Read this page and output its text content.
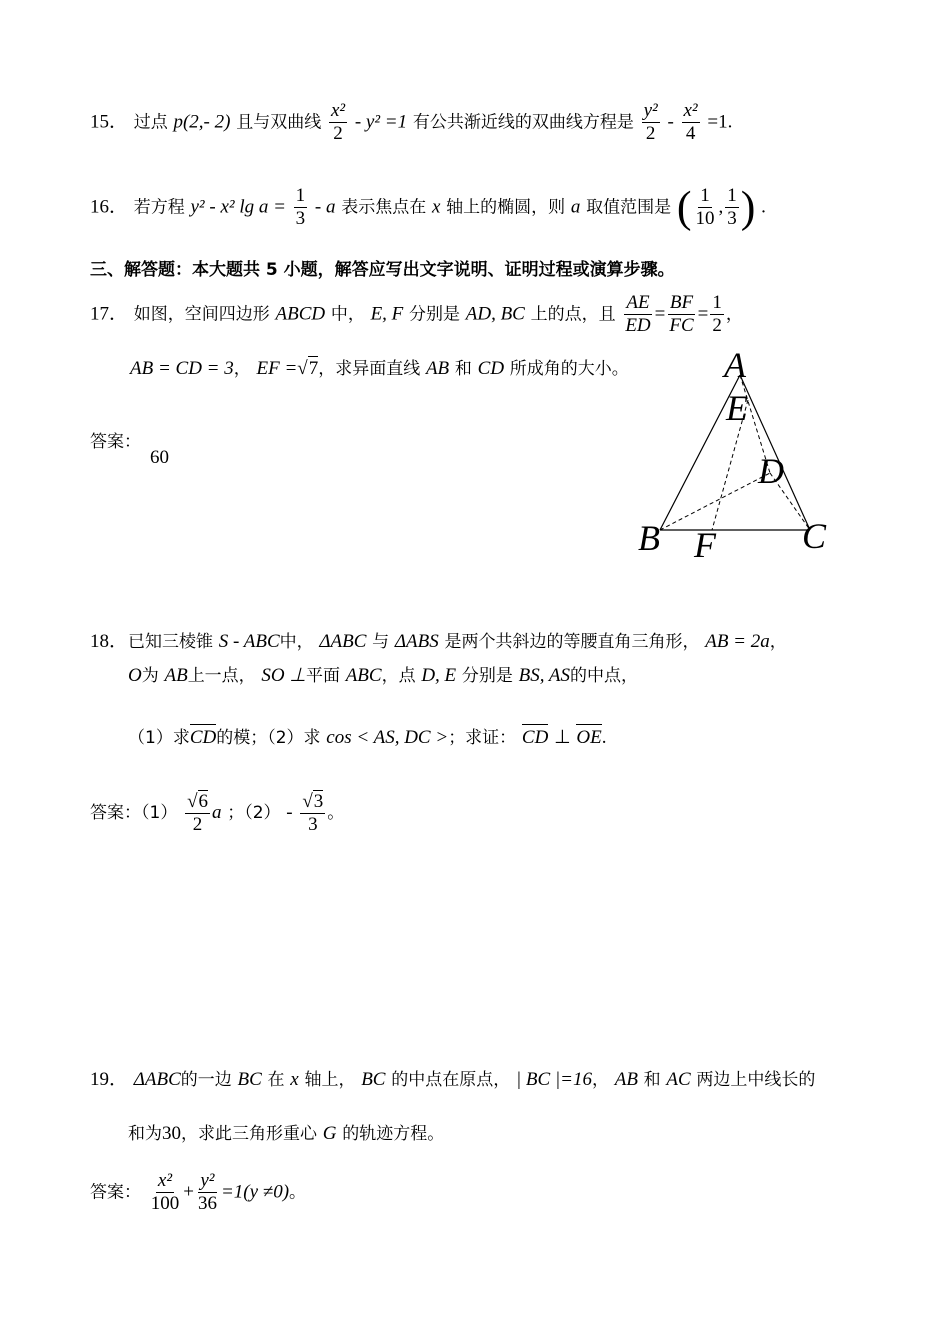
15． 过点 p(2,- 2) 且与双曲线 $\frac{\text{x²}}{2} - y^2 =1$ 有公共渐近线的双曲线方程是 $\frac{\text{y²}}{2} - \frac{\text{x²}}{4} =1$.
16． 若方程 y² - x² $\lg a = \frac{1}{3} - a$ 表示焦点在 x 轴上的椭圆，则 a 取值范围是 ( $\frac{1}{10}$ , $\frac{1}{3}$ ) .
三、解答题：本大题共 5 小题，解答应写出文字说明、证明过程或演算步骤。
17． 如图，空间四边形 ABCD 中， E, F 分别是 AD, BC 上的点，且 $\frac{AE}{ED} = \frac{BF}{FC} = \frac{1}{2}$ ，
AB = CD = 3， EF =√7，求异面直线 AB 和 CD 所成角的大小。
答案：
60
A
E
D
B F C
18．已知三棱锥 S - ABC中， ΔABC 与 ΔABS 是两个共斜边的等腰直角三角形， AB = 2a，
O为 AB上一点， SO ⊥平面 ABC，点 D, E 分别是 BS, AS的中点，
（1）求CD的模；（2）求 cos < AS, DC >；求证： CD ⊥ OE.
答案：$(1) \frac{√6}{2}$ a ；$(2) - \frac{√3}{3}$ 。
19． ΔABC的一边 BC 在 x 轴上， BC 的中点在原点， | BC |=16， AB 和 AC 两边上中线长的
和为30，求此三角形重心 G 的轨迹方程。
答案： $\frac{\text{x²}}{100} + \frac{\text{y²}}{36} =1(y \ne 0)$。
